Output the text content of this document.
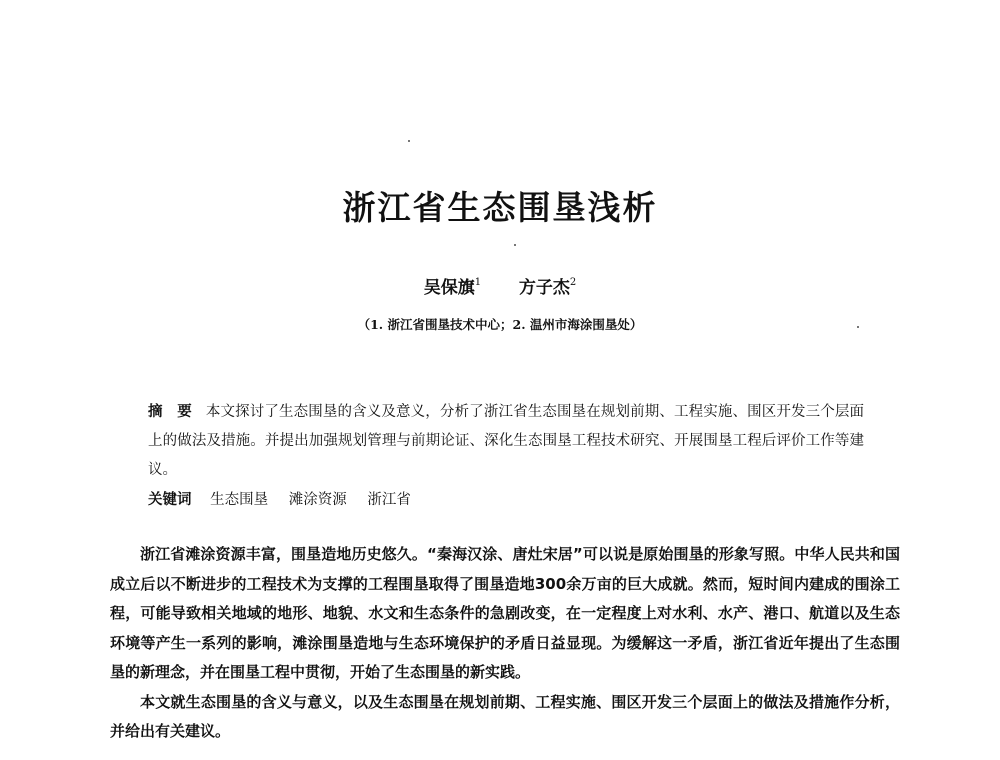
浙江省生态围垦浅析
吴保旗$^1$ 方子杰$^2$
（1. 浙江省围垦技术中心；2. 温州市海涂围垦处）
摘　要 本文探讨了生态围垦的含义及意义，分析了浙江省生态围垦在规划前期、工程实施、围区开发三个层面上的做法及措施。并提出加强规划管理与前期论证、深化生态围垦工程技术研究、开展围垦工程后评价工作等建议。
关键词 生态围垦 滩涂资源 浙江省

浙江省滩涂资源丰富，围垦造地历史悠久。“秦海汉涂、唐灶宋居”可以说是原始围垦的形象写照。中华人民共和国成立后以不断进步的工程技术为支撑的工程围垦取得了围垦造地300余万亩的巨大成就。然而，短时间内建成的围涂工程，可能导致相关地域的地形、地貌、水文和生态条件的急剧改变，在一定程度上对水利、水产、港口、航道以及生态环境等产生一系列的影响，滩涂围垦造地与生态环境保护的矛盾日益显现。为缓解这一矛盾，浙江省近年提出了生态围垦的新理念，并在围垦工程中贯彻，开始了生态围垦的新实践。

本文就生态围垦的含义与意义，以及生态围垦在规划前期、工程实施、围区开发三个层面上的做法及措施作分析，并给出有关建议。
